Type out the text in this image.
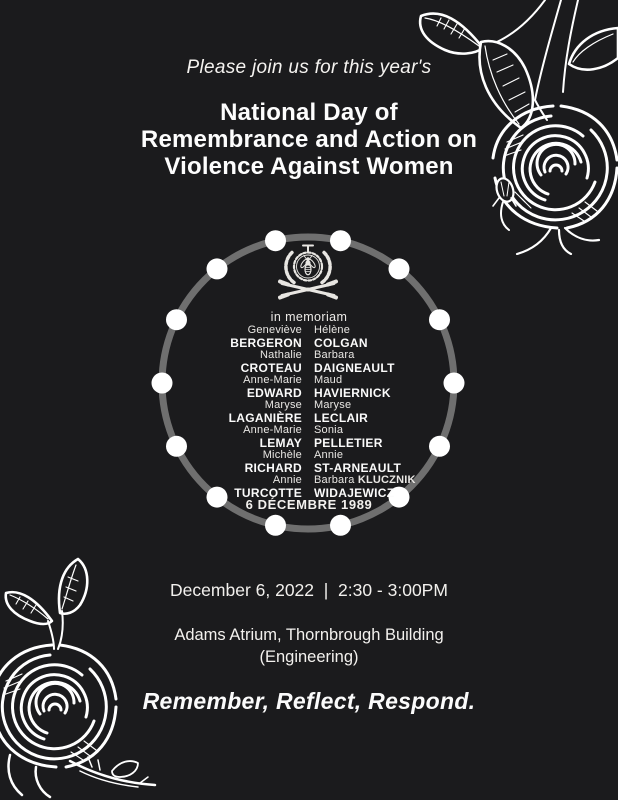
Please join us for this year's
National Day of
Remembrance and Action on
Violence Against Women
in memoriam
Geneviève
BERGERON
Hélène
COLGAN
Nathalie
CROTEAU
Barbara
DAIGNEAULT
Anne-Marie
EDWARD
Maud
HAVIERNICK
Maryse
LAGANIÈRE
Maryse
LECLAIR
Anne-Marie
LEMAY
Sonia
PELLETIER
Michèle
RICHARD
Annie
ST-ARNEAULT
Annie
TURCOTTE
Barbara KLUCZNIK
WIDAJEWICZ
6 DÉCEMBRE 1989
December 6, 2022  |  2:30 - 3:00PM
Adams Atrium, Thornbrough Building
(Engineering)
Remember, Reflect, Respond.
